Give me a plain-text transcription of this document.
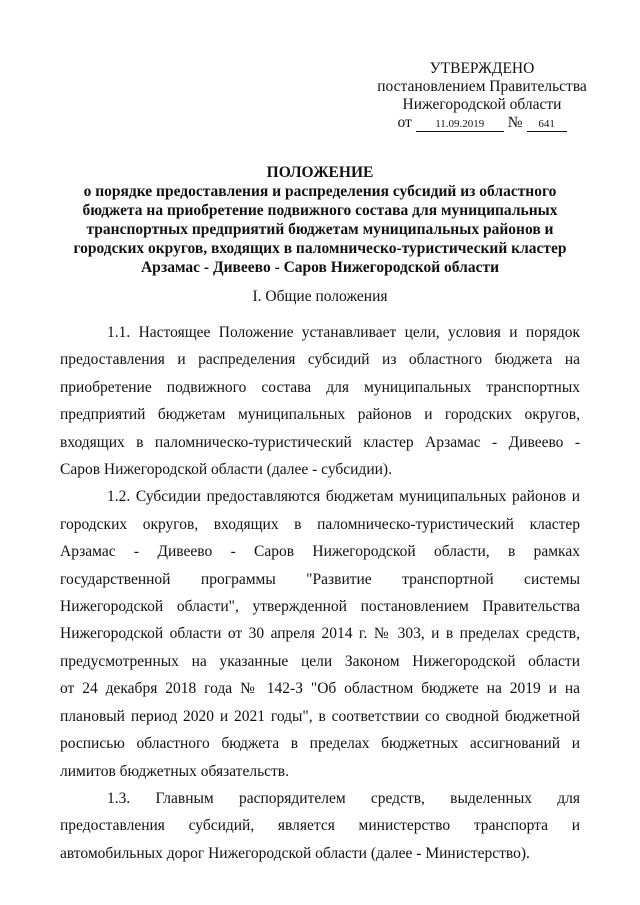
УТВЕРЖДЕНО
постановлением Правительства
Нижегородской области
от	11.09.2019	№	641
ПОЛОЖЕНИЕ
о порядке предоставления и распределения субсидий из областного
бюджета на приобретение подвижного состава для муниципальных
транспортных предприятий бюджетам муниципальных районов и
городских округов, входящих в паломническо-туристический кластер
Арзамас - Дивеево - Саров Нижегородской области
I. Общие положения
1.1. Настоящее Положение устанавливает цели, условия и порядок
предоставления и распределения субсидий из областного бюджета на
приобретение подвижного состава для муниципальных транспортных
предприятий бюджетам муниципальных районов и городских округов,
входящих в паломническо-туристический кластер Арзамас - Дивеево -
Саров Нижегородской области (далее - субсидии).
1.2. Субсидии предоставляются бюджетам муниципальных районов и
городских округов, входящих в паломническо-туристический кластер
Арзамас - Дивеево - Саров Нижегородской области, в рамках
государственной программы "Развитие транспортной системы
Нижегородской области", утвержденной постановлением Правительства
Нижегородской области от 30 апреля 2014 г. № 303, и в пределах средств,
предусмотренных на указанные цели Законом Нижегородской области
от 24 декабря 2018 года № 142-З "Об областном бюджете на 2019 и на
плановый период 2020 и 2021 годы", в соответствии со сводной бюджетной
росписью областного бюджета в пределах бюджетных ассигнований и
лимитов бюджетных обязательств.
1.3. Главным распорядителем средств, выделенных для
предоставления субсидий, является министерство транспорта и
автомобильных дорог Нижегородской области (далее - Министерство).
